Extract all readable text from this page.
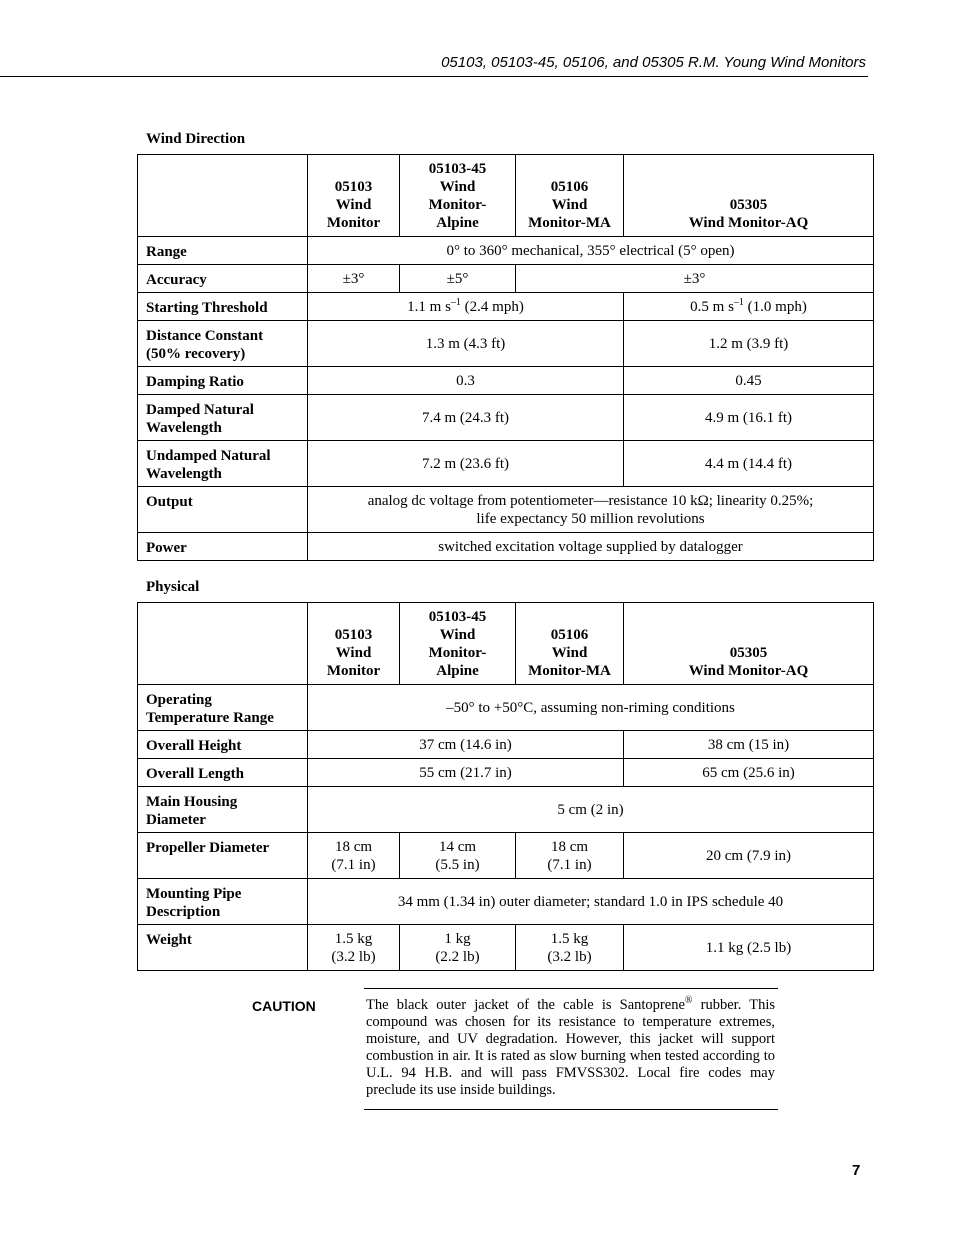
05103, 05103-45, 05106, and 05305 R.M. Young Wind Monitors
Wind Direction
	05103
Wind
Monitor	05103-45
Wind
Monitor-
Alpine	05106
Wind
Monitor-MA	05305
Wind Monitor-AQ
Range	0° to 360° mechanical, 355° electrical (5° open)			
Accuracy	±3°	±5°	±3°	
Starting Threshold	1.1 m $s^{-1}$ (2.4 mph)			0.5 m $s^{-1}$ (1.0 mph)
Distance Constant
(50% recovery)	1.3 m (4.3 ft)			1.2 m (3.9 ft)
Damping Ratio	0.3			0.45
Damped Natural
Wavelength	7.4 m (24.3 ft)			4.9 m (16.1 ft)
Undamped Natural
Wavelength	7.2 m (23.6 ft)			4.4 m (14.4 ft)
Output	analog dc voltage from potentiometer—resistance 10 kΩ; linearity 0.25%;
life expectancy 50 million revolutions			
Power	switched excitation voltage supplied by datalogger			
Physical
	05103
Wind
Monitor	05103-45
Wind
Monitor-
Alpine	05106
Wind
Monitor-MA	05305
Wind Monitor-AQ
Operating
Temperature Range	–50° to +50°C, assuming non-riming conditions			
Overall Height	37 cm (14.6 in)			38 cm (15 in)
Overall Length	55 cm (21.7 in)			65 cm (25.6 in)
Main Housing
Diameter	5 cm (2 in)			
Propeller Diameter	18 cm
(7.1 in)	14 cm
(5.5 in)	18 cm
(7.1 in)	20 cm (7.9 in)
Mounting Pipe
Description	34 mm (1.34 in) outer diameter; standard 1.0 in IPS schedule 40			
Weight	1.5 kg
(3.2 lb)	1 kg
(2.2 lb)	1.5 kg
(3.2 lb)	1.1 kg (2.5 lb)
CAUTION	The black outer jacket of the cable is Santoprene® rubber. This compound was chosen for its resistance to temperature extremes, moisture, and UV degradation. However, this jacket will support combustion in air. It is rated as slow burning when tested according to U.L. 94 H.B. and will pass FMVSS302. Local fire codes may preclude its use inside buildings.
7
